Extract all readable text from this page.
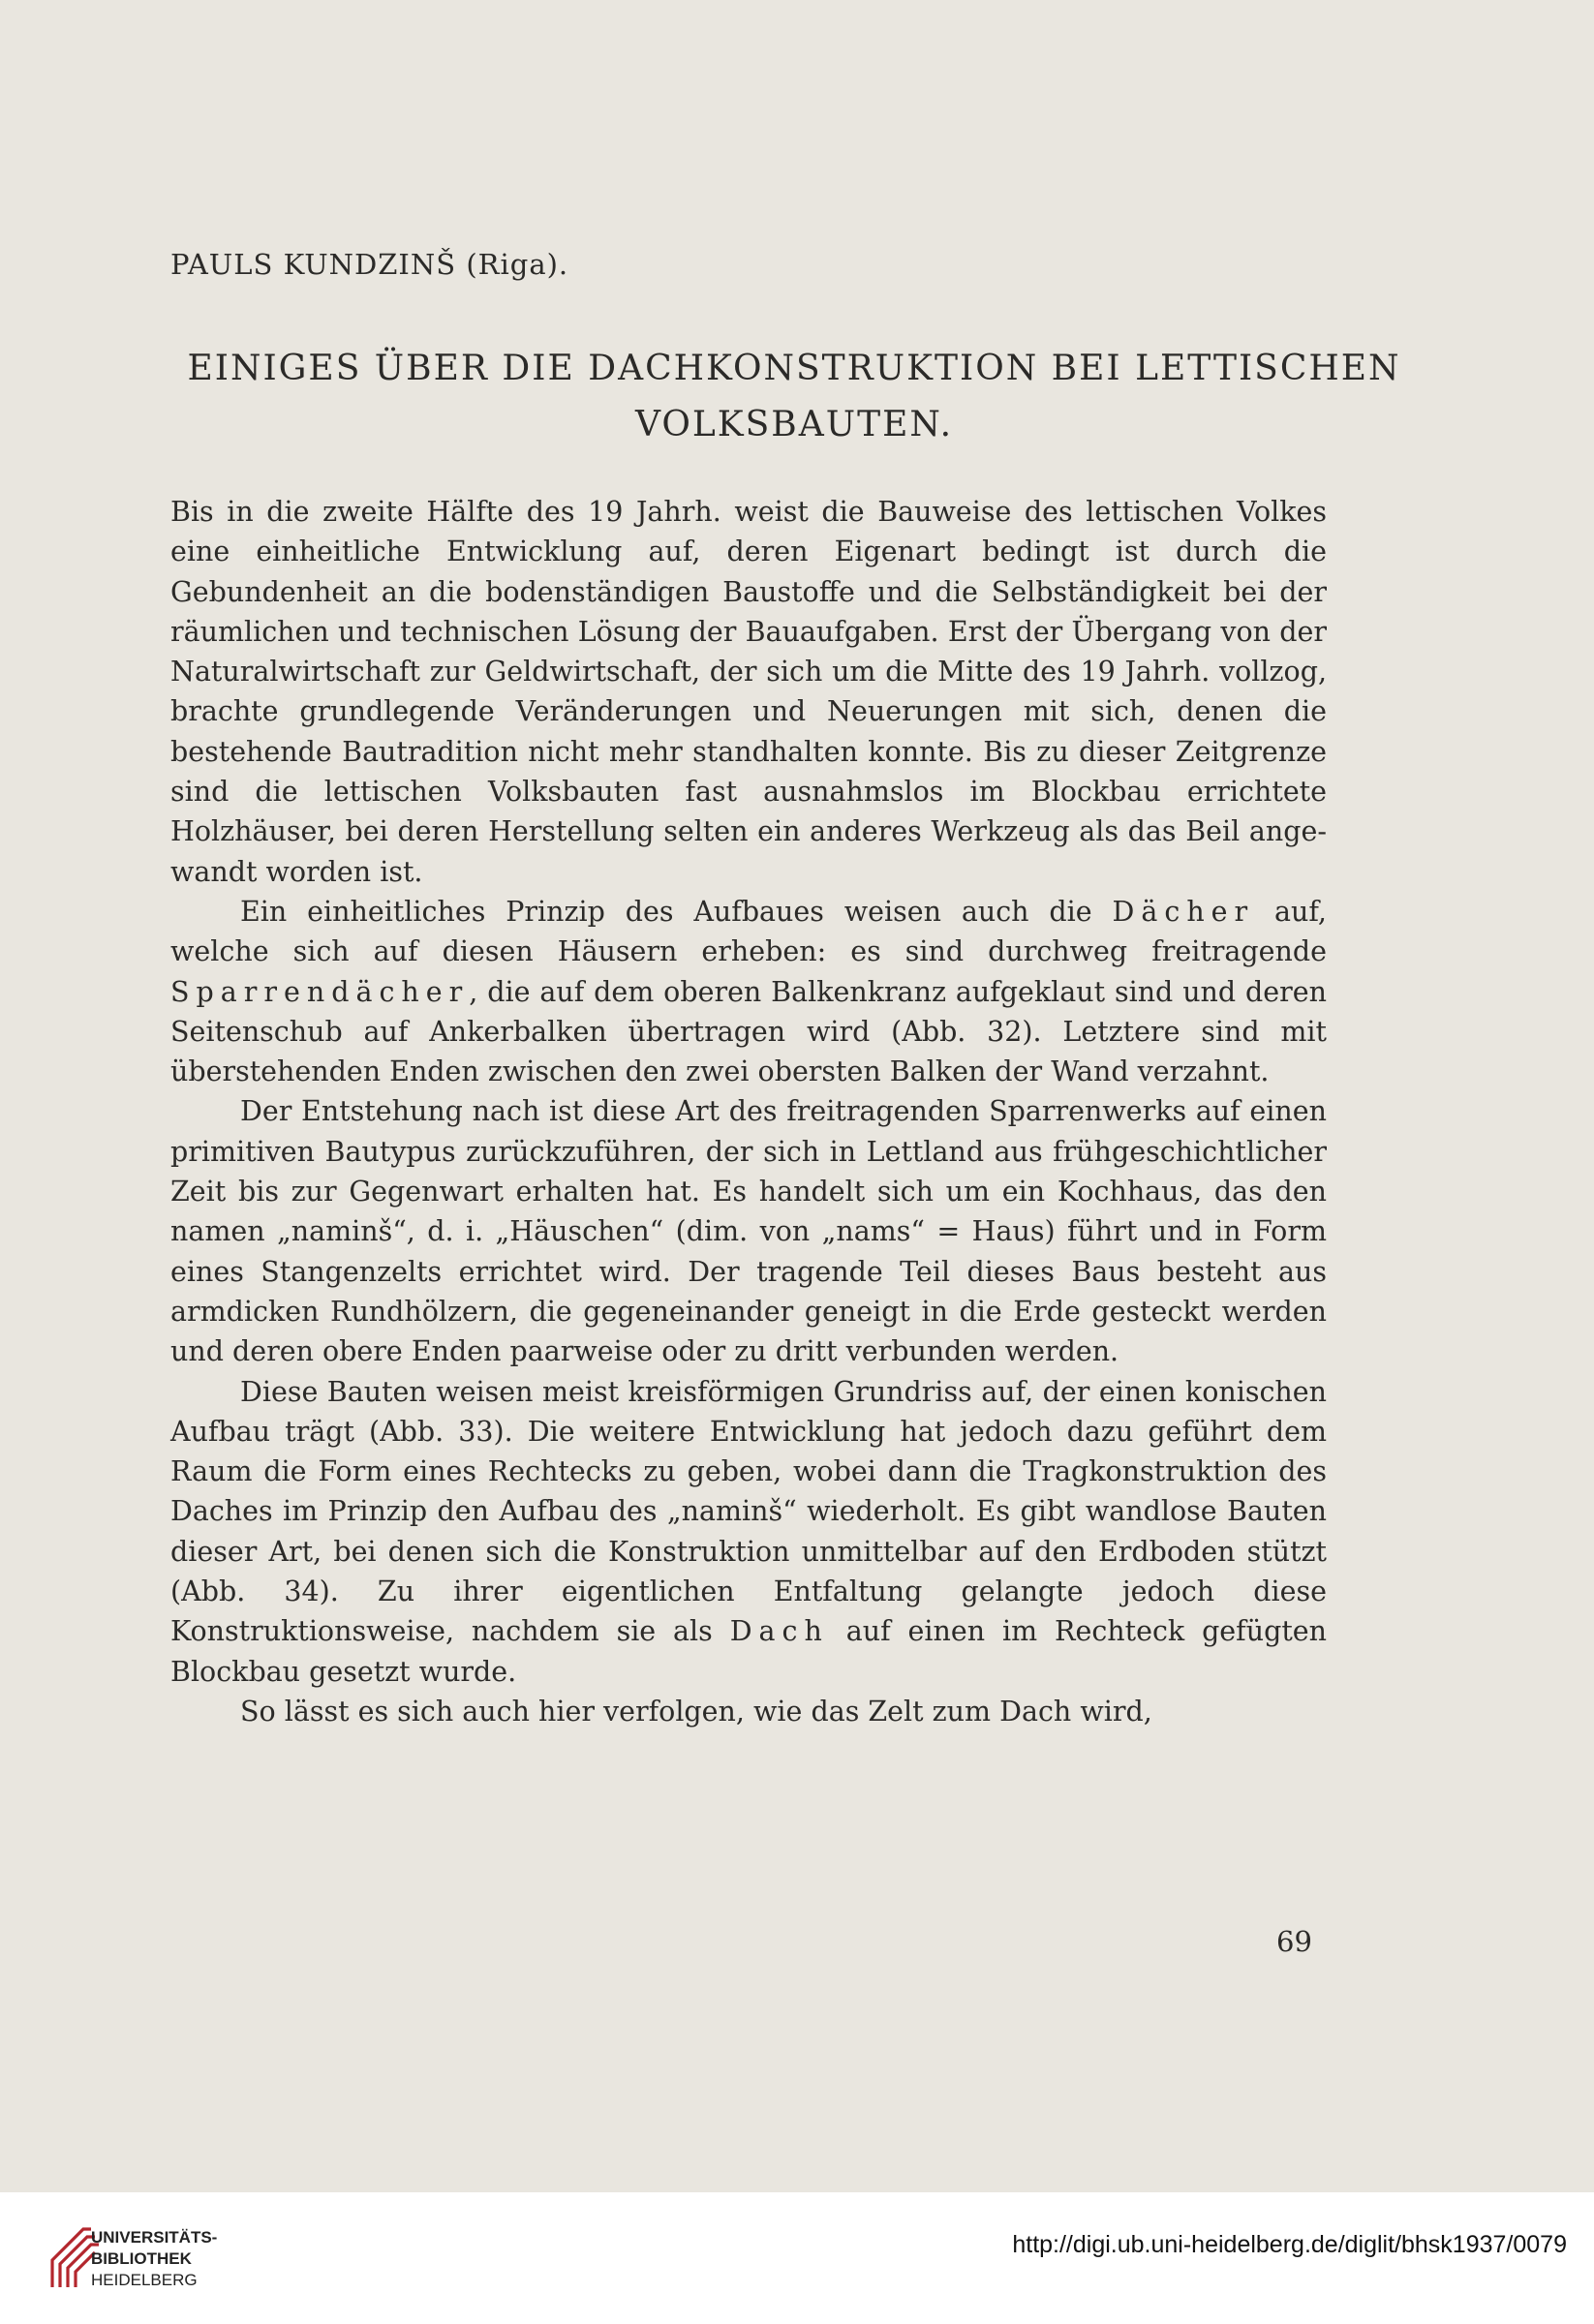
PAULS KUNDZINŠ (Riga).
EINIGES ÜBER DIE DACHKONSTRUKTION BEI LETTISCHEN
VOLKSBAUTEN.

Bis in die zweite Hälfte des 19 Jahrh. weist die Bauweise des lettischen Volkes eine einheitliche Entwicklung auf, deren Eigenart bedingt ist durch die Gebundenheit an die bodenständigen Baustoffe und die Selbständigkeit bei der räumlichen und technischen Lösung der Bauaufgaben. Erst der Übergang von der Naturalwirtschaft zur Geldwirtschaft, der sich um die Mitte des 19 Jahrh. vollzog, brachte grundlegende Veränderungen und Neuerungen mit sich, denen die bestehende Bautradition nicht mehr standhalten konnte. Bis zu dieser Zeitgrenze sind die lettischen Volksbauten fast ausnahmslos im Blockbau errichtete Holzhäuser, bei deren Herstellung selten ein anderes Werkzeug als das Beil angewandt worden ist.

Ein einheitliches Prinzip des Aufbaues weisen auch die Dächer auf, welche sich auf diesen Häusern erheben: es sind durchweg freitragende Sparrendächer, die auf dem oberen Balkenkranz aufgeklaut sind und deren Seitenschub auf Ankerbalken übertragen wird (Abb. 32). Letztere sind mit überstehenden Enden zwischen den zwei obersten Balken der Wand verzahnt.

Der Entstehung nach ist diese Art des freitragenden Sparrenwerks auf einen primitiven Bautypus zurückzuführen, der sich in Lettland aus frühgeschichtlicher Zeit bis zur Gegenwart erhalten hat. Es handelt sich um ein Kochhaus, das den namen „naminš“, d. i. „Häuschen“ (dim. von „nams“ = Haus) führt und in Form eines Stangenzelts errichtet wird. Der tragende Teil dieses Baus besteht aus armdicken Rundhölzern, die gegeneinander geneigt in die Erde gesteckt werden und deren obere Enden paarweise oder zu dritt verbunden werden.

Diese Bauten weisen meist kreisförmigen Grundriss auf, der einen konischen Aufbau trägt (Abb. 33). Die weitere Entwicklung hat jedoch dazu geführt dem Raum die Form eines Rechtecks zu geben, wobei dann die Tragkonstruktion des Daches im Prinzip den Aufbau des „naminš“ wiederholt. Es gibt wandlose Bauten dieser Art, bei denen sich die Konstruktion unmittelbar auf den Erdboden stützt (Abb. 34). Zu ihrer eigentlichen Entfaltung gelangte jedoch diese Konstruktionsweise, nachdem sie als Dach auf einen im Rechteck gefügten Blockbau gesetzt wurde.

So lässt es sich auch hier verfolgen, wie das Zelt zum Dach wird,

69
UNIVERSITÄTS-
BIBLIOTHEK
HEIDELBERG
http://digi.ub.uni-heidelberg.de/diglit/bhsk1937/0079
